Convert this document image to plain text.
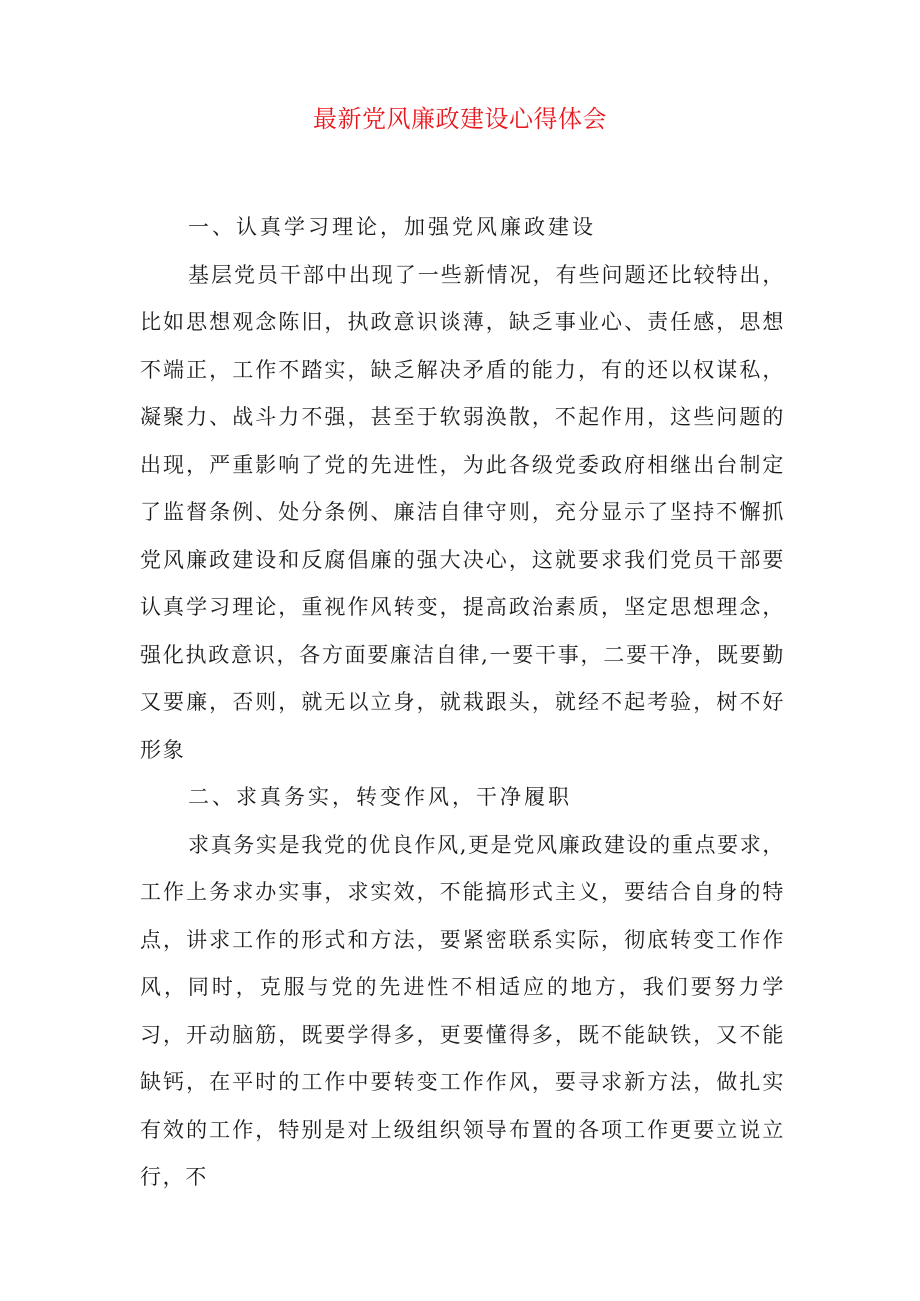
最新党风廉政建设心得体会

一、认真学习理论，加强党风廉政建设

基层党员干部中出现了一些新情况，有些问题还比较特出，比如思想观念陈旧，执政意识谈薄，缺乏事业心、责任感，思想不端正，工作不踏实，缺乏解决矛盾的能力，有的还以权谋私，凝聚力、战斗力不强，甚至于软弱涣散，不起作用，这些问题的出现，严重影响了党的先进性，为此各级党委政府相继出台制定了监督条例、处分条例、廉洁自律守则，充分显示了坚持不懈抓党风廉政建设和反腐倡廉的强大决心，这就要求我们党员干部要认真学习理论，重视作风转变，提高政治素质，坚定思想理念，强化执政意识，各方面要廉洁自律,一要干事，二要干净，既要勤又要廉，否则，就无以立身，就栽跟头，就经不起考验，树不好形象

二、求真务实，转变作风，干净履职

求真务实是我党的优良作风,更是党风廉政建设的重点要求，工作上务求办实事，求实效，不能搞形式主义，要结合自身的特点，讲求工作的形式和方法，要紧密联系实际，彻底转变工作作风，同时，克服与党的先进性不相适应的地方，我们要努力学习，开动脑筋，既要学得多，更要懂得多，既不能缺铁，又不能缺钙，在平时的工作中要转变工作作风，要寻求新方法，做扎实有效的工作，特别是对上级组织领导布置的各项工作更要立说立行，不
